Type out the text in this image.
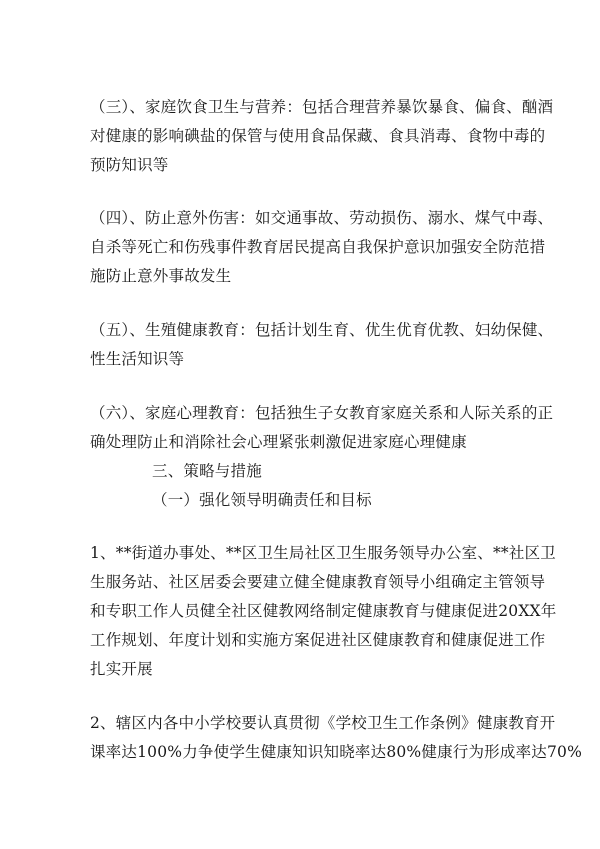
（三）、家庭饮食卫生与营养：包括合理营养暴饮暴食、偏食、酗酒
对健康的影响碘盐的保管与使用食品保藏、食具消毒、食物中毒的
预防知识等
（四）、防止意外伤害：如交通事故、劳动损伤、溺水、煤气中毒、
自杀等死亡和伤残事件教育居民提高自我保护意识加强安全防范措
施防止意外事故发生
（五）、生殖健康教育：包括计划生育、优生优育优教、妇幼保健、
性生活知识等
（六）、家庭心理教育：包括独生子女教育家庭关系和人际关系的正
确处理防止和消除社会心理紧张刺激促进家庭心理健康
三、策略与措施
（一）强化领导明确责任和目标
1、**街道办事处、**区卫生局社区卫生服务领导办公室、**社区卫
生服务站、社区居委会要建立健全健康教育领导小组确定主管领导
和专职工作人员健全社区健教网络制定健康教育与健康促进20XX年
工作规划、年度计划和实施方案促进社区健康教育和健康促进工作
扎实开展
2、辖区内各中小学校要认真贯彻《学校卫生工作条例》健康教育开
课率达100%力争使学生健康知识知晓率达80%健康行为形成率达70%
